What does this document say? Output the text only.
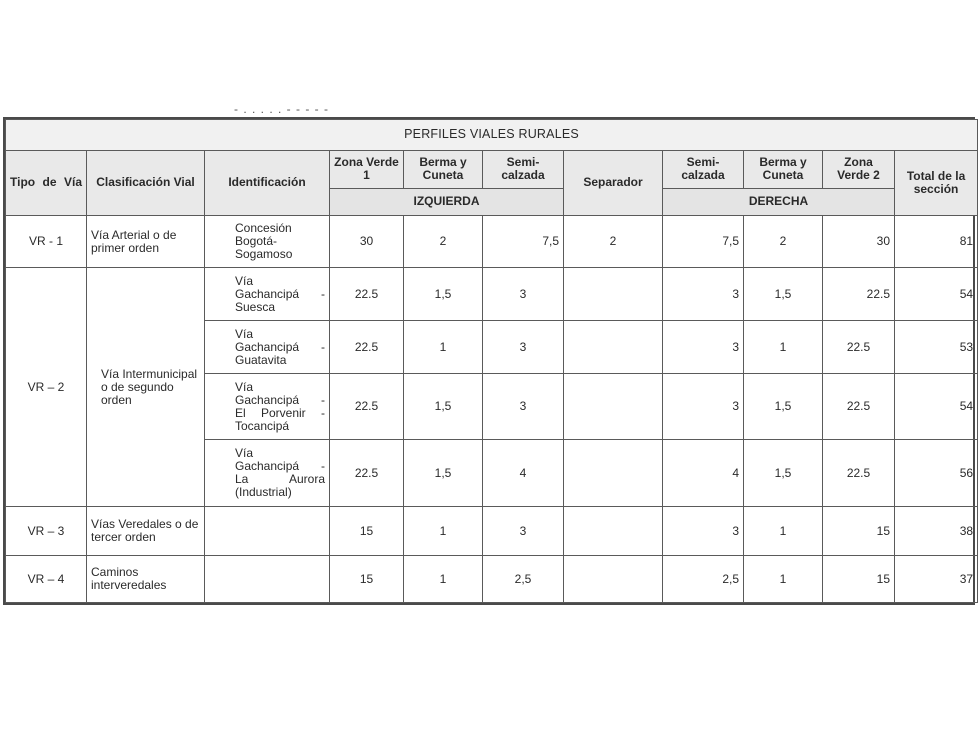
- . . . . . - - - - -
PERFILES VIALES RURALES										
Tipo de Vía	Clasificación Vial	Identificación	Zona Verde 1	Berma y Cuneta	Semi-calzada	Separador	Semi-calzada	Berma y Cuneta	Zona Verde 2	Total de la sección
			IZQUIERDA				DERECHA			
VR - 1	Vía Arterial o de primer orden	Concesión
Bogotá-
Sogamoso	30	2	7,5	2	7,5	2	30	81
VR – 2	Vía Intermunicipal o de segundo orden	Vía
Gachancipá -
Suesca	22.5	1,5	3		3	1,5	22.5	54

		Vía
Gachancipá -
Guatavita	22.5	1	3		3	1	22.5	53

		Vía
Gachancipá -
El Porvenir -
Tocancipá	22.5	1,5	3		3	1,5	22.5	54

		Vía
Gachancipá -
La Aurora
(Industrial)	22.5	1,5	4		4	1,5	22.5	56
VR – 3	Vías Veredales o de tercer orden		15	1	3		3	1	15	38
VR – 4	Caminos interveredales		15	1	2,5		2,5	1	15	37
